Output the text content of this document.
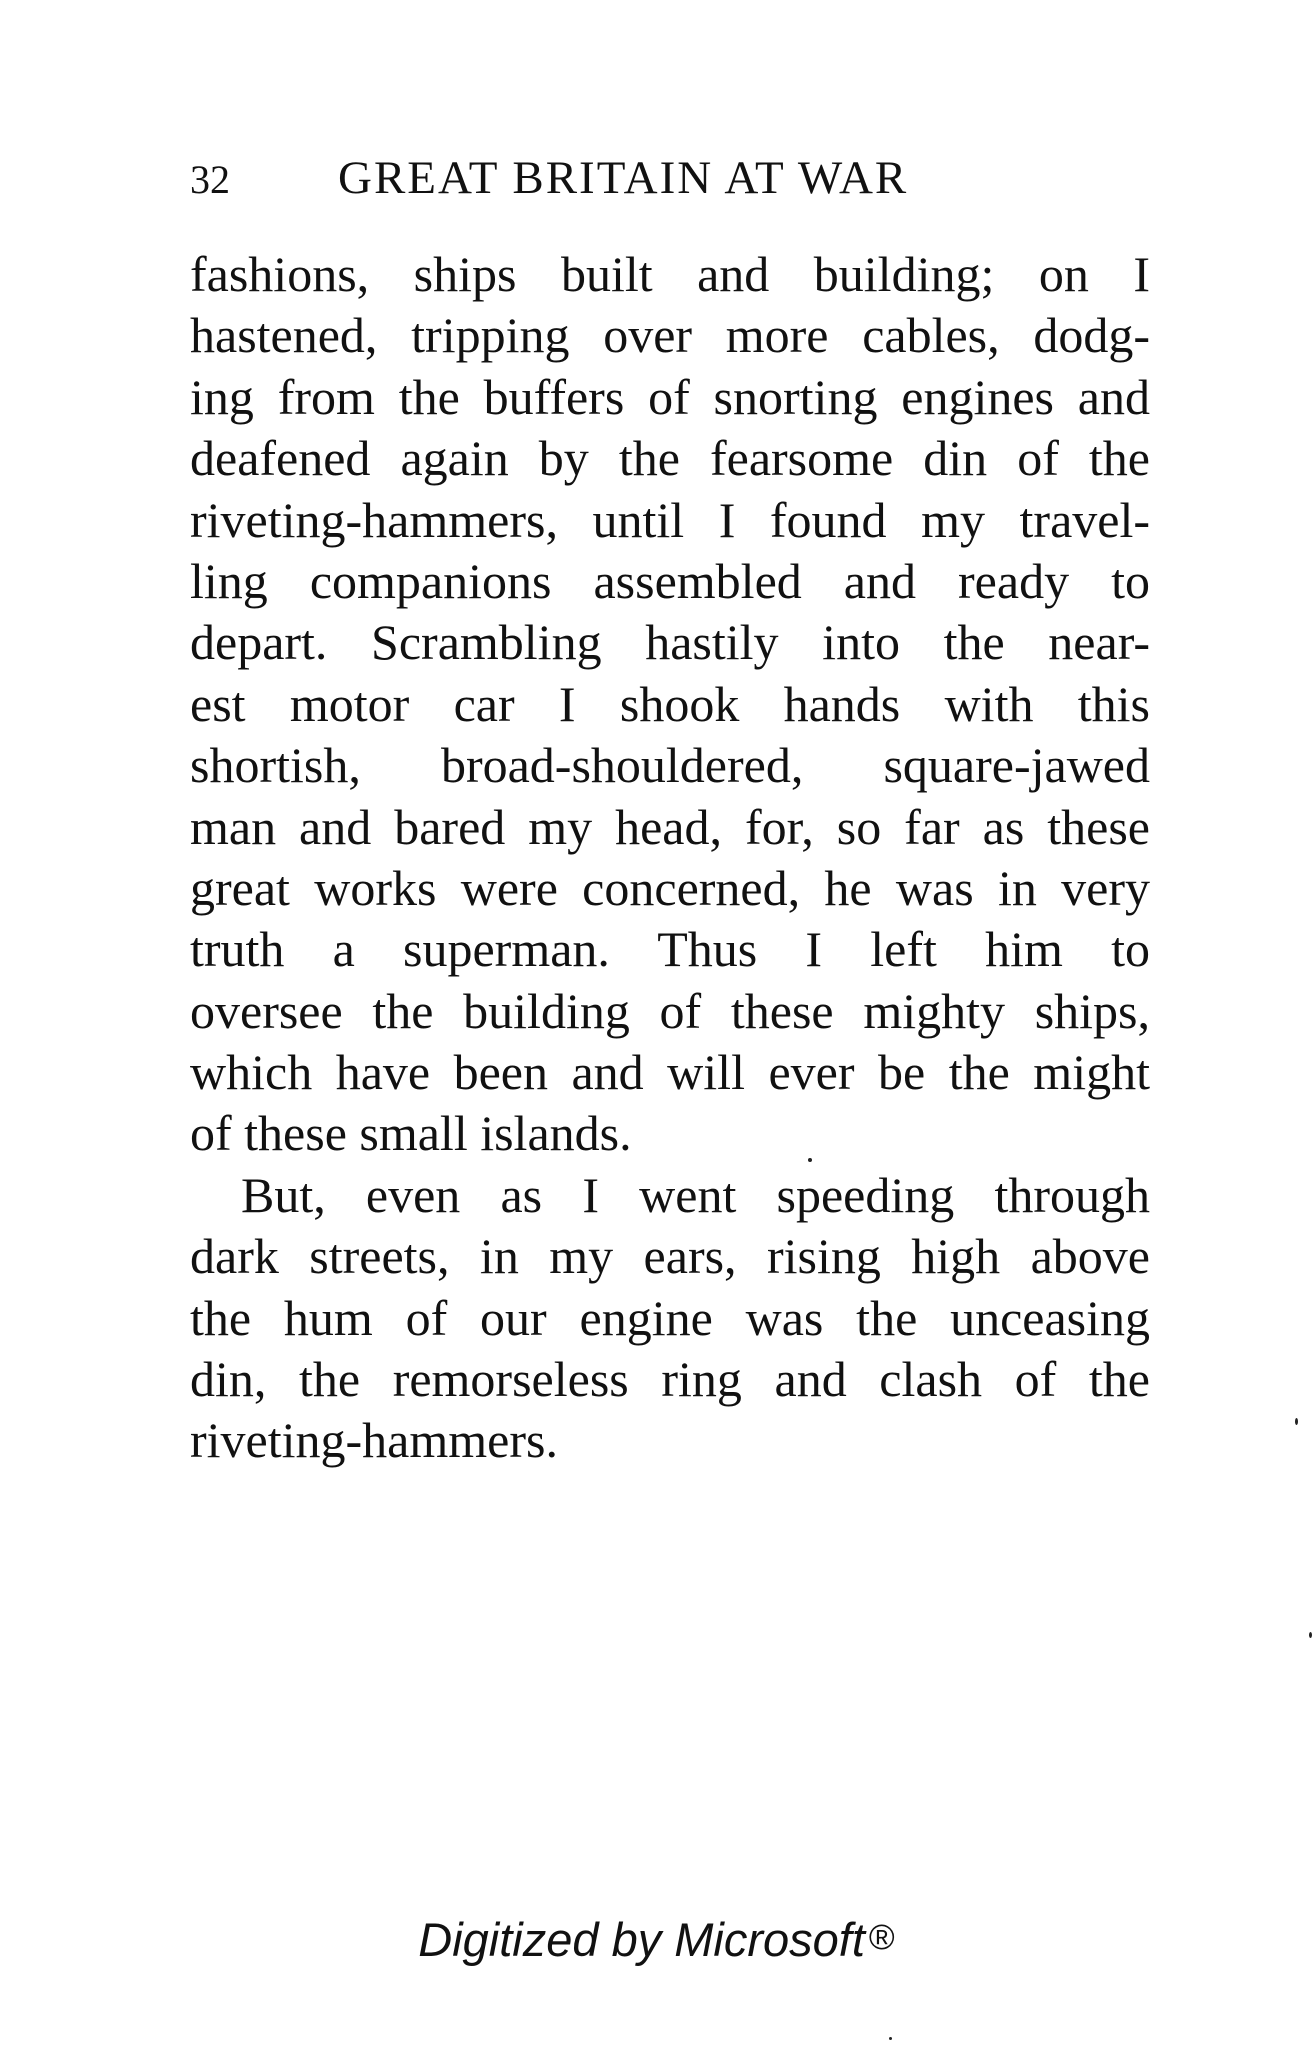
32 GREAT BRITAIN AT WAR

fashions, ships built and building; on I
hastened, tripping over more cables, dodg-
ing from the buffers of snorting engines and
deafened again by the fearsome din of the
riveting-hammers, until I found my travel-
ling companions assembled and ready to
depart. Scrambling hastily into the near-
est motor car I shook hands with this
shortish, broad-shouldered, square-jawed
man and bared my head, for, so far as these
great works were concerned, he was in very
truth a superman. Thus I left him to
oversee the building of these mighty ships,
which have been and will ever be the might
of these small islands.

But, even as I went speeding through
dark streets, in my ears, rising high above
the hum of our engine was the unceasing
din, the remorseless ring and clash of the
riveting-hammers.

Digitized by Microsoft ®
